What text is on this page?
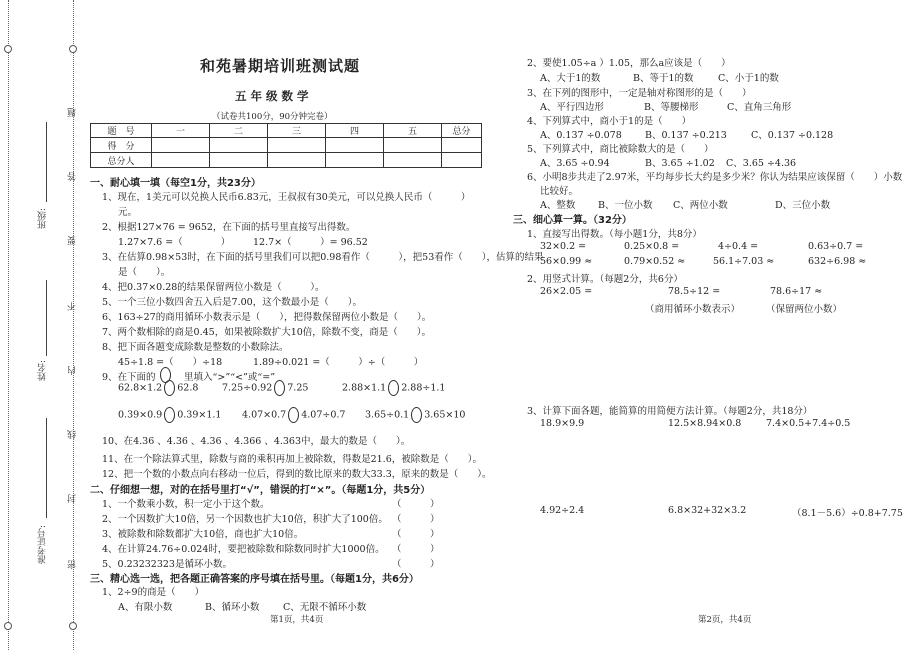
题
答
要
不
内
线
封
密
班级:
姓名:
准考证号:
和苑暑期培训班测试题
五 年 级 数 学
（试卷共100分，90分钟完卷）
题　号	一	二	三	四	五	总分
得　分						
总分人						
一、耐心填一填（每空1分，共23分）
1、现在，1美元可以兑换人民币6.83元，王叔叔有30美元，可以兑换人民币（　　　）
元。
2、根据127×76 = 9652，在下面的括号里直接写出得数。
1.27×7.6 =（　　　　） 12.7×（　　　）= 96.52
3、在估算0.98×53时，在下面的括号里我们可以把0.98看作（　　　），把53看作（　　），估算的结果
是（　　）。
4、把0.37×0.28的结果保留两位小数是（　　　）。
5、一个三位小数四舍五入后是7.00，这个数最小是（　　）。
6、163÷27的商用循环小数表示是（　　），把得数保留两位小数是（　　）。
7、两个数相除的商是0.45，如果被除数扩大10倍，除数不变，商是（　　）。
8、把下面各题变成除数是整数的小数除法。
45÷1.8 =（　　）÷18	1.89÷0.021 =（　　　）÷（　　　）
9、在下面的　　　里填入“>”“<”或“=”
62.8×1.2 62.8 7.25÷0.92 7.25	2.88×1.1 2.88÷1.1
0.39×0.9 0.39×1.1 4.07×0.7 4.07÷0.7 3.65÷0.1 3.65×10
10、在4.36 、4.36 、4.36 、4.366 、4.363中，最大的数是（　　）。
11、在一个除法算式里，除数与商的乘积再加上被除数，得数是21.6，被除数是（　　）。
12、把一个数的小数点向右移动一位后，得到的数比原来的数大33.3，原来的数是（　　）。
二、仔细想一想，对的在括号里打“√”，错误的打“×”。（每题1分，共5分）
1、一个数乘小数，积一定小于这个数。	（　　　）
2、一个因数扩大10倍，另一个因数也扩大10倍，积扩大了100倍。 （　　　）
3、被除数和除数都扩大10倍，商也扩大10倍。	（　　　）
4、在计算24.76÷0.024时，要把被除数和除数同时扩大1000倍。 （　　　）
5、0.23232323是循环小数。	（　　　）
三、精心选一选，把各题正确答案的序号填在括号里。（每题1分，共6分）
1、2÷9的商是（　　）
A、有限小数	B、循环小数 C、无限不循环小数
第1页，共4页
2、要使1.05÷a ）1.05，那么a应该是（　　）
A、大于1的数	B、等于1的数	C、小于1的数
3、在下列的图形中，一定是轴对称图形的是（　　）
A、平行四边形	B、等腰梯形	C、直角三角形
4、下列算式中，商小于1的是（　　）
A、0.137 ÷0.078 B、0.137 ÷0.213	C、0.137 ÷0.128
5、下列算式中，商比被除数大的是（　　）
A、3.65 ÷0.94	B、3.65 ÷1.02 C、3.65 ÷4.36
6、小明8步共走了2.97米，平均每步长大约是多少米？你认为结果应该保留（　　）小数
比较好。
A、整数 B、一位小数 C、两位小数	D、三位小数
三、细心算一算。（32分）
1、直接写出得数。（每小题1分，共8分）
32×0.2 =	0.25×0.8 =	4÷0.4 =	0.63÷0.7 =
56×0.99 ≈	0.79×0.52 ≈	56.1÷7.03 ≈	632÷6.98 ≈
2、用竖式计算。（每题2分，共6分）
26×2.05 =	78.5÷12 =	78.6÷17 ≈
（商用循环小数表示）	（保留两位小数）
3、计算下面各题，能简算的用简便方法计算。（每题2分，共18分）
18.9×9.9	12.5×8.94×0.8	7.4×0.5+7.4÷0.5
4.92÷2.4	6.8×32+32×3.2	（8.1－5.6）÷0.8+7.75
第2页，共4页
